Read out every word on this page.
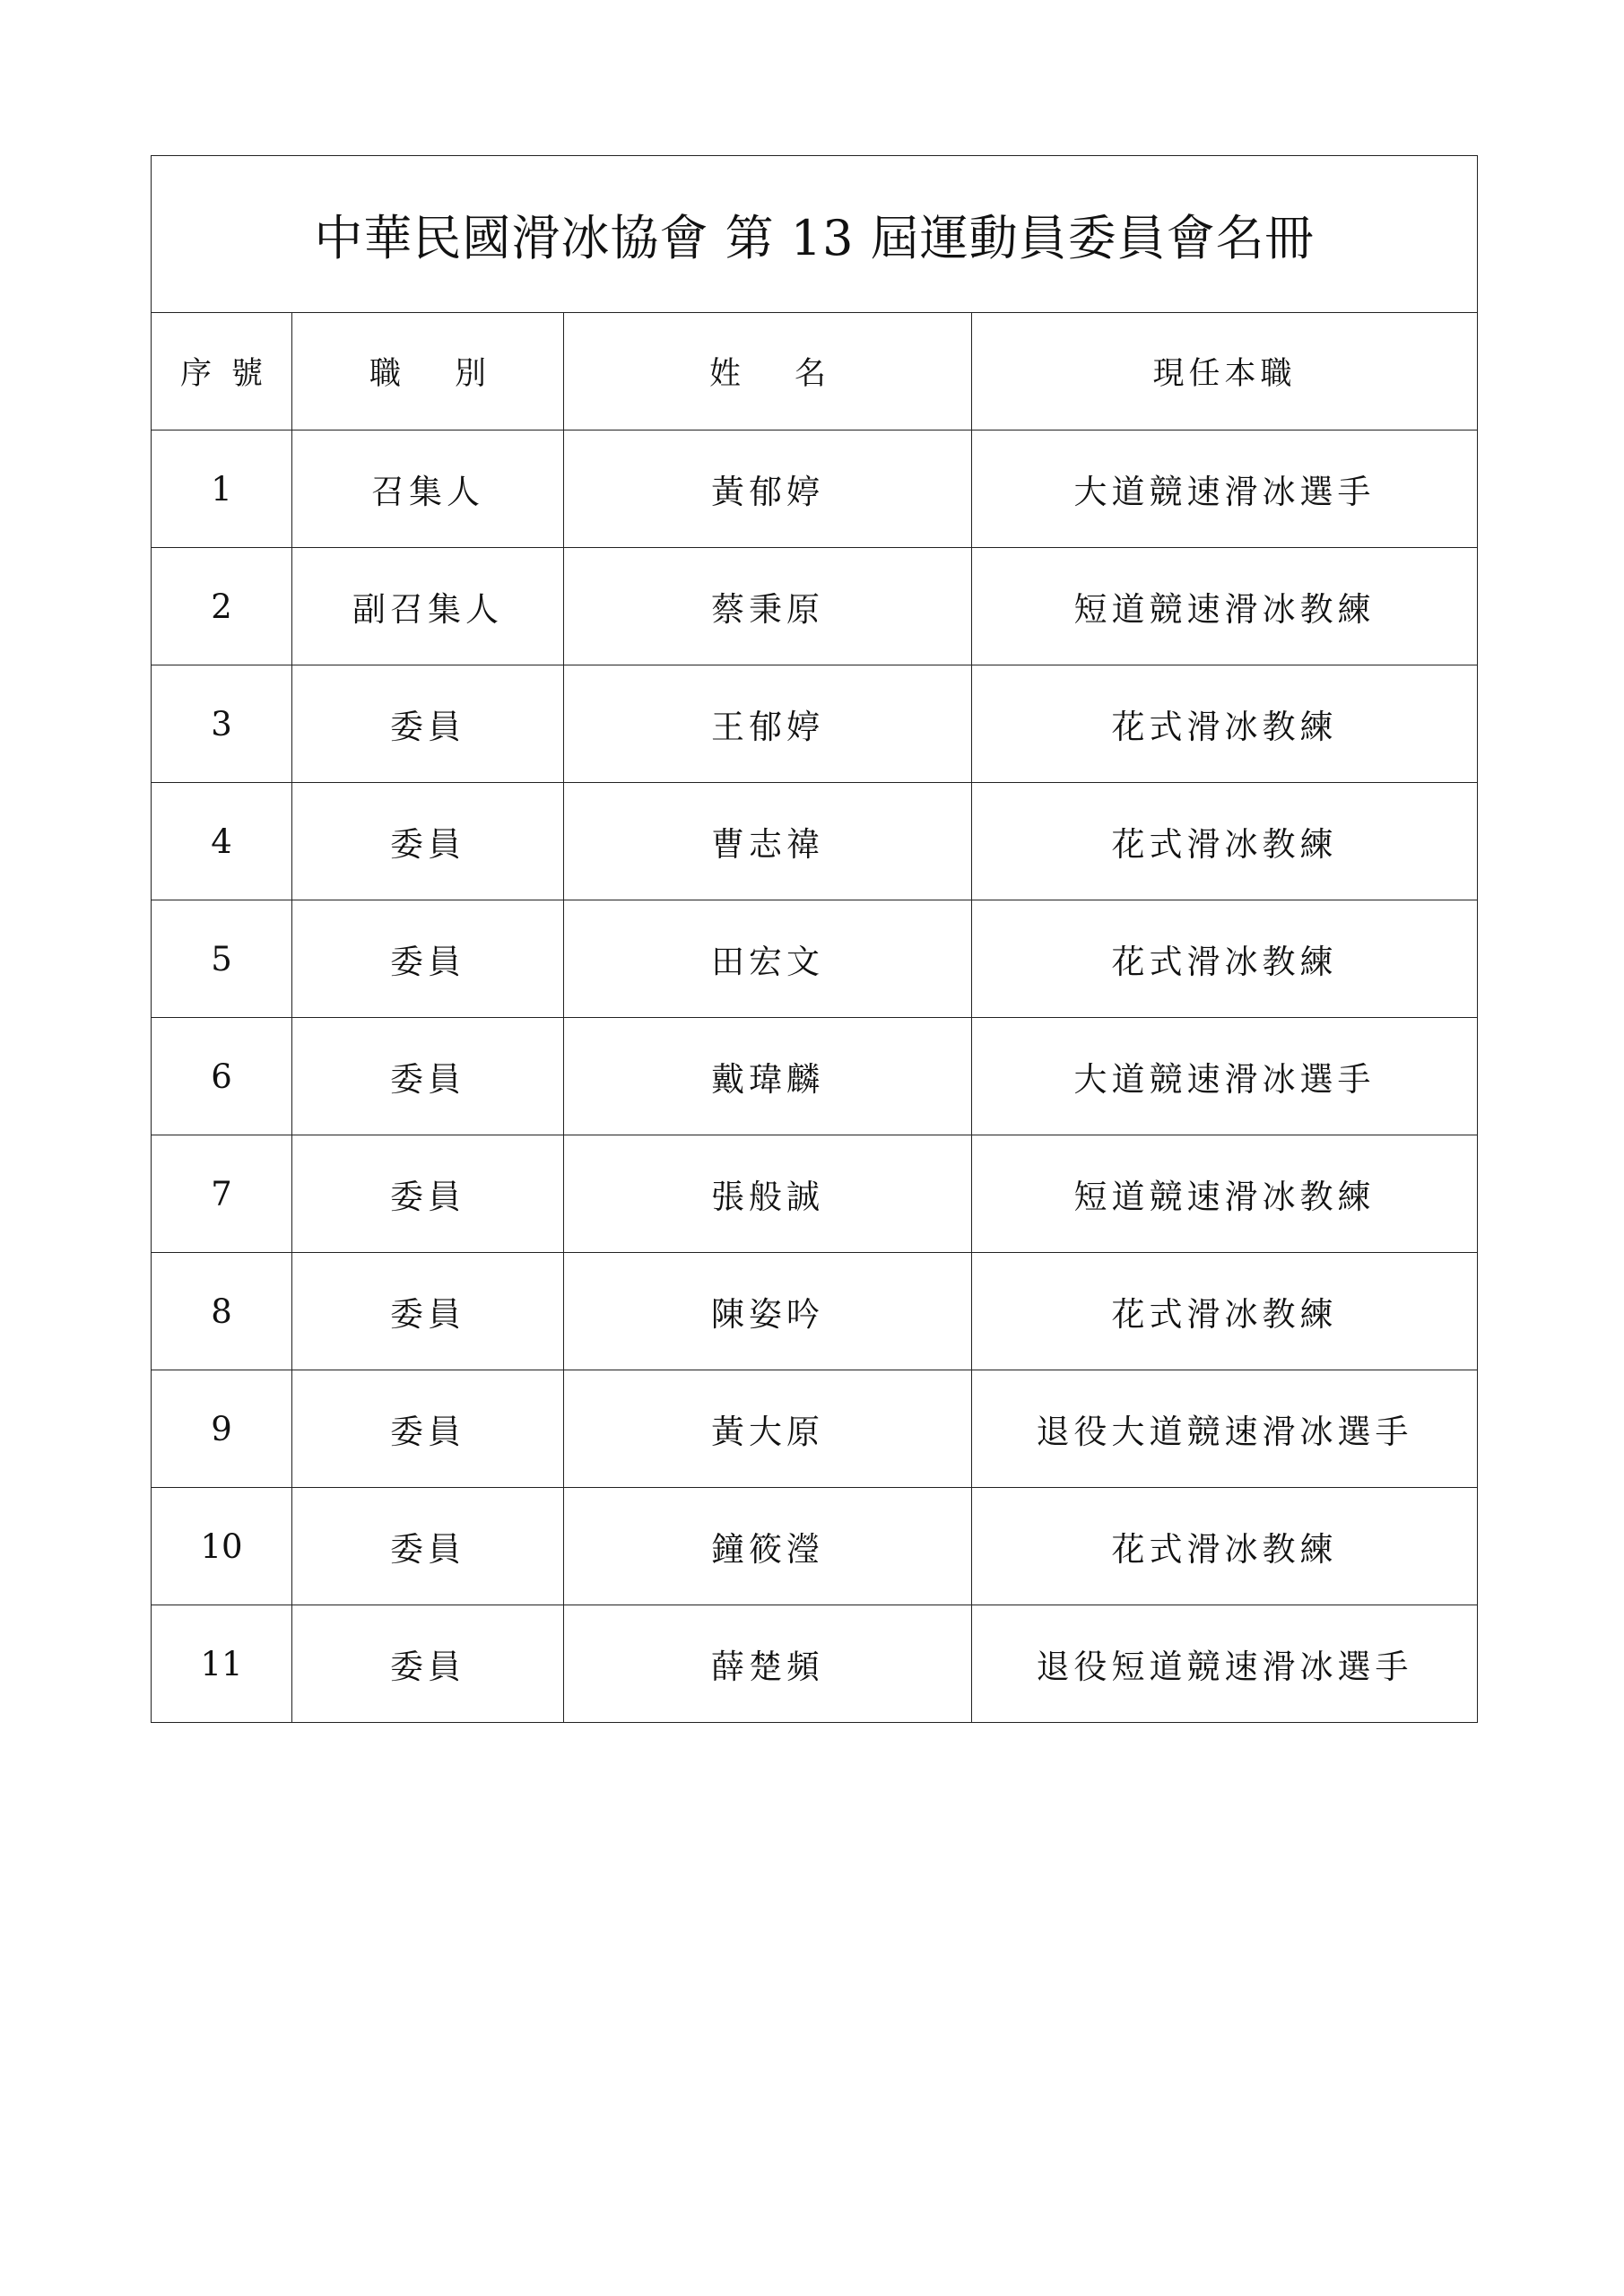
中華民國滑冰協會 第 13 屆運動員委員會名冊			
序號	職別	姓名	現任本職
1	召集人	黃郁婷	大道競速滑冰選手
2	副召集人	蔡秉原	短道競速滑冰教練
3	委員	王郁婷	花式滑冰教練
4	委員	曹志禕	花式滑冰教練
5	委員	田宏文	花式滑冰教練
6	委員	戴瑋麟	大道競速滑冰選手
7	委員	張般誠	短道競速滑冰教練
8	委員	陳姿吟	花式滑冰教練
9	委員	黃大原	退役大道競速滑冰選手
10	委員	鐘筱瀅	花式滑冰教練
11	委員	薛楚頻	退役短道競速滑冰選手
